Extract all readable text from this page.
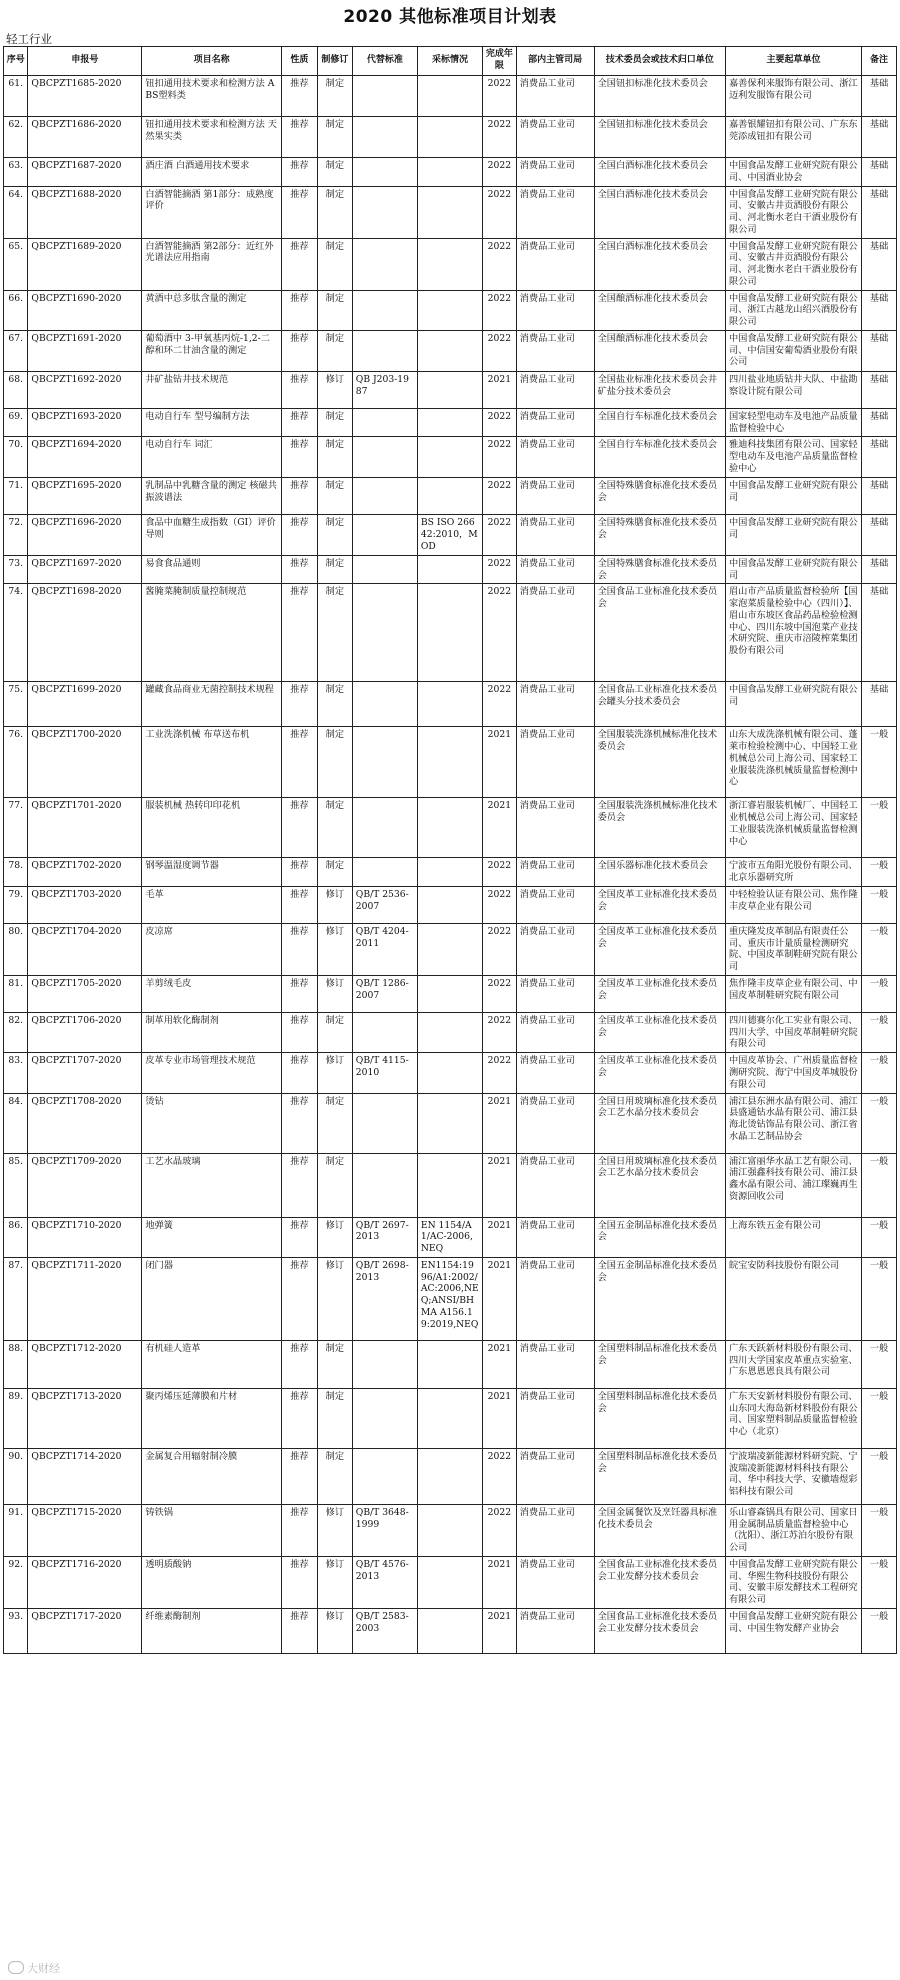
2020 其他标准项目计划表
轻工行业
序号	申报号	项目名称	性质	制修订	代替标准	采标情况	完成年限	部内主管司局	技术委员会或技术归口单位	主要起草单位	备注
61.	QBCPZT1685-2020	钮扣通用技术要求和检测方法 ABS塑料类	推荐	制定			2022	消费品工业司	全国钮扣标准化技术委员会	嘉善保利来服饰有限公司、浙江迈利发服饰有限公司	基础
62.	QBCPZT1686-2020	钮扣通用技术要求和检测方法 天然果实类	推荐	制定			2022	消费品工业司	全国钮扣标准化技术委员会	嘉善银耀钮扣有限公司、广东东莞添成钮扣有限公司	基础
63.	QBCPZT1687-2020	酒庄酒 白酒通用技术要求	推荐	制定			2022	消费品工业司	全国白酒标准化技术委员会	中国食品发酵工业研究院有限公司、中国酒业协会	基础
64.	QBCPZT1688-2020	白酒智能摘酒 第1部分：成熟度评价	推荐	制定			2022	消费品工业司	全国白酒标准化技术委员会	中国食品发酵工业研究院有限公司、安徽古井贡酒股份有限公司、河北衡水老白干酒业股份有限公司	基础
65.	QBCPZT1689-2020	白酒智能摘酒 第2部分：近红外光谱法应用指南	推荐	制定			2022	消费品工业司	全国白酒标准化技术委员会	中国食品发酵工业研究院有限公司、安徽古井贡酒股份有限公司、河北衡水老白干酒业股份有限公司	基础
66.	QBCPZT1690-2020	黄酒中总多肽含量的测定	推荐	制定			2022	消费品工业司	全国酿酒标准化技术委员会	中国食品发酵工业研究院有限公司、浙江古越龙山绍兴酒股份有限公司	基础
67.	QBCPZT1691-2020	葡萄酒中 3-甲氧基丙烷-1,2-二醇和环二甘油含量的测定	推荐	制定			2022	消费品工业司	全国酿酒标准化技术委员会	中国食品发酵工业研究院有限公司、中信国安葡萄酒业股份有限公司	基础
68.	QBCPZT1692-2020	井矿盐钻井技术规范	推荐	修订	QB J203-1987		2021	消费品工业司	全国盐业标准化技术委员会井矿盐分技术委员会	四川盐业地质钻井大队、中盐勘察设计院有限公司	基础
69.	QBCPZT1693-2020	电动自行车 型号编制方法	推荐	制定			2022	消费品工业司	全国自行车标准化技术委员会	国家轻型电动车及电池产品质量监督检验中心	基础
70.	QBCPZT1694-2020	电动自行车 词汇	推荐	制定			2022	消费品工业司	全国自行车标准化技术委员会	雅迪科技集团有限公司、国家轻型电动车及电池产品质量监督检验中心	基础
71.	QBCPZT1695-2020	乳制品中乳糖含量的测定 核磁共振波谱法	推荐	制定			2022	消费品工业司	全国特殊膳食标准化技术委员会	中国食品发酵工业研究院有限公司	基础
72.	QBCPZT1696-2020	食品中血糖生成指数（GI）评价导则	推荐	制定		BS ISO 26642:2010，MOD	2022	消费品工业司	全国特殊膳食标准化技术委员会	中国食品发酵工业研究院有限公司	基础
73.	QBCPZT1697-2020	易食食品通则	推荐	制定			2022	消费品工业司	全国特殊膳食标准化技术委员会	中国食品发酵工业研究院有限公司	基础
74.	QBCPZT1698-2020	酱腌菜腌制质量控制规范	推荐	制定			2022	消费品工业司	全国食品工业标准化技术委员会	眉山市产品质量监督检验所【国家泡菜质量检验中心（四川）】、眉山市东坡区食品药品检验检测中心、四川东坡中国泡菜产业技术研究院、重庆市涪陵榨菜集团股份有限公司	基础
75.	QBCPZT1699-2020	罐藏食品商业无菌控制技术规程	推荐	制定			2022	消费品工业司	全国食品工业标准化技术委员会罐头分技术委员会	中国食品发酵工业研究院有限公司	基础
76.	QBCPZT1700-2020	工业洗涤机械 布草送布机	推荐	制定			2021	消费品工业司	全国服装洗涤机械标准化技术委员会	山东大成洗涤机械有限公司、蓬莱市检验检测中心、中国轻工业机械总公司上海公司、国家轻工业服装洗涤机械质量监督检测中心	一般
77.	QBCPZT1701-2020	服装机械 热转印印花机	推荐	制定			2021	消费品工业司	全国服装洗涤机械标准化技术委员会	浙江睿岩服装机械厂、中国轻工业机械总公司上海公司、国家轻工业服装洗涤机械质量监督检测中心	一般
78.	QBCPZT1702-2020	钢琴温湿度调节器	推荐	制定			2022	消费品工业司	全国乐器标准化技术委员会	宁波市五角阳光股份有限公司、北京乐器研究所	一般
79.	QBCPZT1703-2020	毛革	推荐	修订	QB/T 2536-2007		2022	消费品工业司	全国皮革工业标准化技术委员会	中轻检验认证有限公司、焦作隆丰皮草企业有限公司	一般
80.	QBCPZT1704-2020	皮凉席	推荐	修订	QB/T 4204-2011		2022	消费品工业司	全国皮革工业标准化技术委员会	重庆隆发皮革制品有限责任公司、重庆市计量质量检测研究院、中国皮革制鞋研究院有限公司	一般
81.	QBCPZT1705-2020	羊剪绒毛皮	推荐	修订	QB/T 1286-2007		2022	消费品工业司	全国皮革工业标准化技术委员会	焦作隆丰皮草企业有限公司、中国皮革制鞋研究院有限公司	一般
82.	QBCPZT1706-2020	制革用软化酶制剂	推荐	制定			2022	消费品工业司	全国皮革工业标准化技术委员会	四川德赛尔化工实业有限公司、四川大学、中国皮革制鞋研究院有限公司	一般
83.	QBCPZT1707-2020	皮革专业市场管理技术规范	推荐	修订	QB/T 4115-2010		2022	消费品工业司	全国皮革工业标准化技术委员会	中国皮革协会、广州质量监督检测研究院、海宁中国皮革城股份有限公司	一般
84.	QBCPZT1708-2020	烫钻	推荐	制定			2021	消费品工业司	全国日用玻璃标准化技术委员会工艺水晶分技术委员会	浦江县东洲水晶有限公司、浦江县盛通钻水晶有限公司、浦江县海北烫钻饰品有限公司、浙江省水晶工艺制品协会	一般
85.	QBCPZT1709-2020	工艺水晶玻璃	推荐	制定			2021	消费品工业司	全国日用玻璃标准化技术委员会工艺水晶分技术委员会	浦江富丽华水晶工艺有限公司、浦江强鑫科技有限公司、浦江县鑫水晶有限公司、浦江璨巍再生资源回收公司	一般
86.	QBCPZT1710-2020	地弹簧	推荐	修订	QB/T 2697-2013	EN 1154/A1/AC-2006,NEQ	2021	消费品工业司	全国五金制品标准化技术委员会	上海东铁五金有限公司	一般
87.	QBCPZT1711-2020	闭门器	推荐	修订	QB/T 2698-2013	EN1154:1996/A1:2002/AC:2006,NEQ;ANSI/BHMA A156.19:2019,NEQ	2021	消费品工业司	全国五金制品标准化技术委员会	皖宝安防科技股份有限公司	一般
88.	QBCPZT1712-2020	有机硅人造革	推荐	制定			2021	消费品工业司	全国塑料制品标准化技术委员会	广东天跃新材料股份有限公司、四川大学国家皮革重点实验室、广东恩恩恩良具有限公司	一般
89.	QBCPZT1713-2020	聚丙烯压延薄膜和片材	推荐	制定			2021	消费品工业司	全国塑料制品标准化技术委员会	广东天安新材料股份有限公司、山东同大海岛新材料股份有限公司、国家塑料制品质量监督检验中心（北京）	一般
90.	QBCPZT1714-2020	金属复合用辐射制冷膜	推荐	制定			2022	消费品工业司	全国塑料制品标准化技术委员会	宁波瑞凌新能源材料研究院、宁波瑞凌新能源材料科技有限公司、华中科技大学、安徽墙煜彩铝科技有限公司	一般
91.	QBCPZT1715-2020	铸铁锅	推荐	修订	QB/T 3648-1999		2022	消费品工业司	全国金属餐饮及烹饪器具标准化技术委员会	乐山睿森锅具有限公司、国家日用金属制品质量监督检验中心（沈阳）、浙江苏泊尔股份有限公司	一般
92.	QBCPZT1716-2020	透明质酸钠	推荐	修订	QB/T 4576-2013		2021	消费品工业司	全国食品工业标准化技术委员会工业发酵分技术委员会	中国食品发酵工业研究院有限公司、华熙生物科技股份有限公司、安徽丰原发酵技术工程研究有限公司	一般
93.	QBCPZT1717-2020	纤维素酶制剂	推荐	修订	QB/T 2583-2003		2021	消费品工业司	全国食品工业标准化技术委员会工业发酵分技术委员会	中国食品发酵工业研究院有限公司、中国生物发酵产业协会	一般
大财经
